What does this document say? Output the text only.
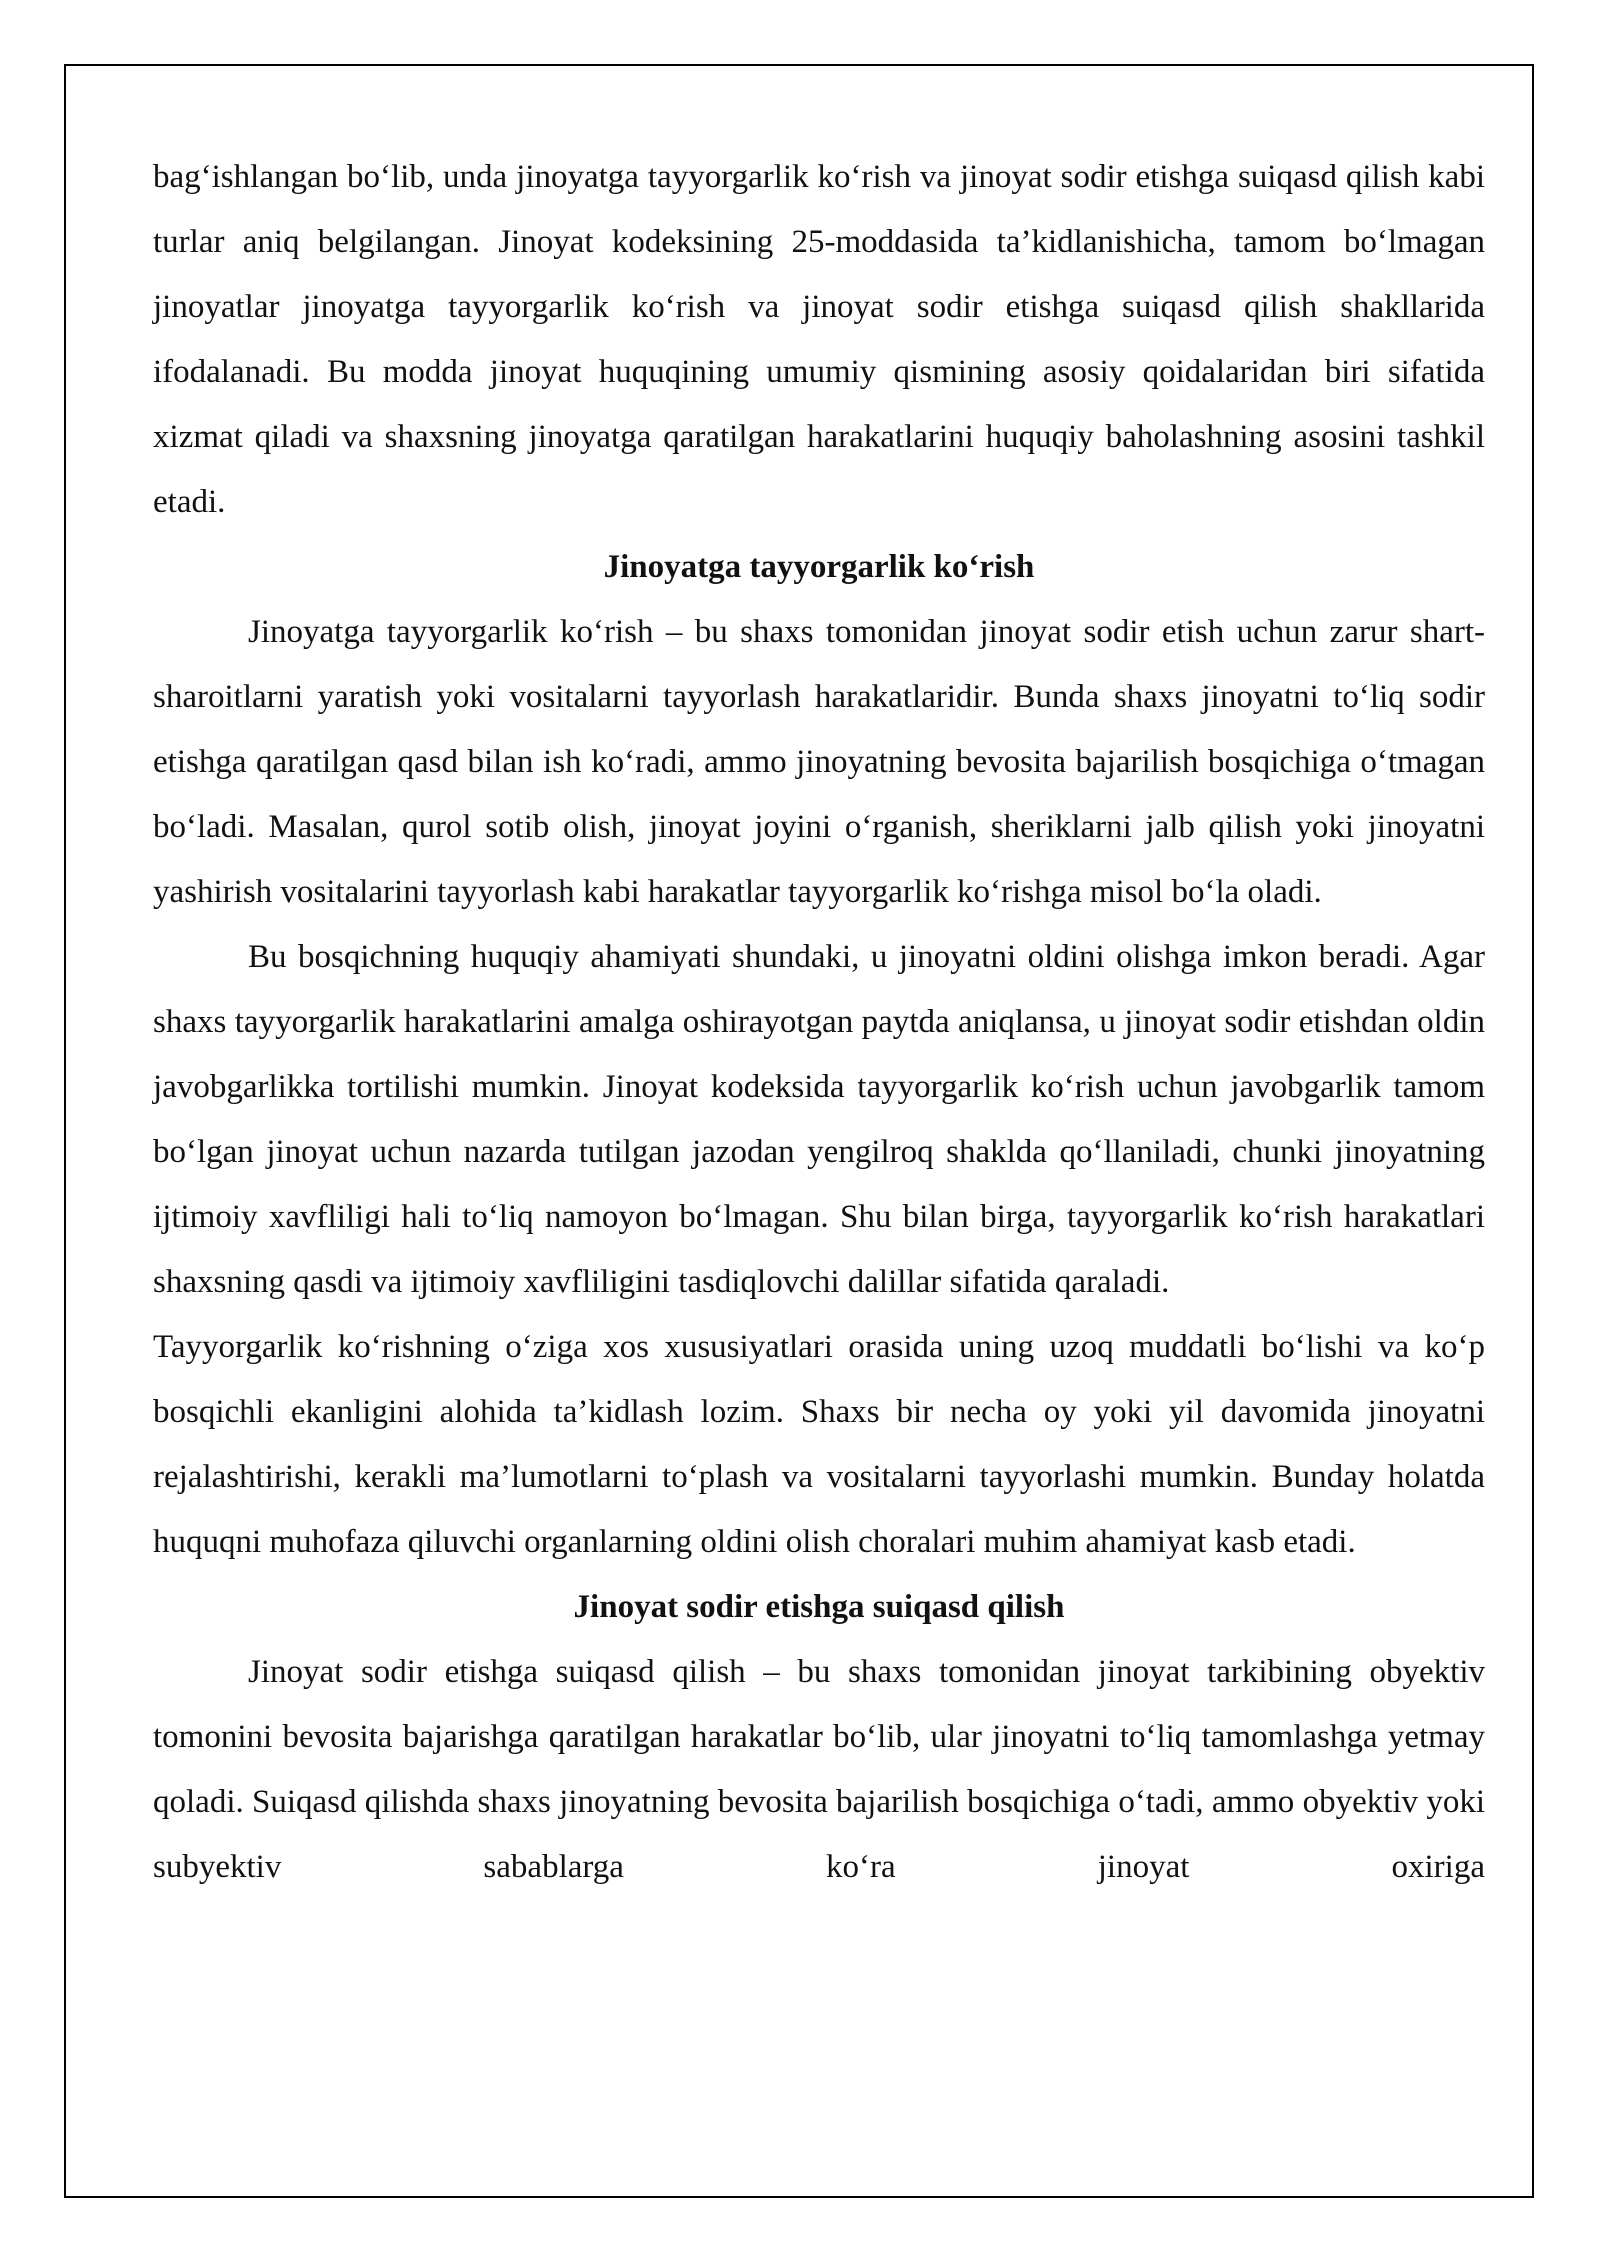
bag‘ishlangan bo‘lib, unda jinoyatga tayyorgarlik ko‘rish va jinoyat sodir etishga suiqasd qilish kabi turlar aniq belgilangan. Jinoyat kodeksining 25-moddasida ta’kidlanishicha, tamom bo‘lmagan jinoyatlar jinoyatga tayyorgarlik ko‘rish va jinoyat sodir etishga suiqasd qilish shakllarida ifodalanadi. Bu modda jinoyat huquqining umumiy qismining asosiy qoidalaridan biri sifatida xizmat qiladi va shaxsning jinoyatga qaratilgan harakatlarini huquqiy baholashning asosini tashkil etadi.

Jinoyatga tayyorgarlik ko‘rish

Jinoyatga tayyorgarlik ko‘rish – bu shaxs tomonidan jinoyat sodir etish uchun zarur shart-sharoitlarni yaratish yoki vositalarni tayyorlash harakatlaridir. Bunda shaxs jinoyatni to‘liq sodir etishga qaratilgan qasd bilan ish ko‘radi, ammo jinoyatning bevosita bajarilish bosqichiga o‘tmagan bo‘ladi. Masalan, qurol sotib olish, jinoyat joyini o‘rganish, sheriklarni jalb qilish yoki jinoyatni yashirish vositalarini tayyorlash kabi harakatlar tayyorgarlik ko‘rishga misol bo‘la oladi.

Bu bosqichning huquqiy ahamiyati shundaki, u jinoyatni oldini olishga imkon beradi. Agar shaxs tayyorgarlik harakatlarini amalga oshirayotgan paytda aniqlansa, u jinoyat sodir etishdan oldin javobgarlikka tortilishi mumkin. Jinoyat kodeksida tayyorgarlik ko‘rish uchun javobgarlik tamom bo‘lgan jinoyat uchun nazarda tutilgan jazodan yengilroq shaklda qo‘llaniladi, chunki jinoyatning ijtimoiy xavfliligi hali to‘liq namoyon bo‘lmagan. Shu bilan birga, tayyorgarlik ko‘rish harakatlari shaxsning qasdi va ijtimoiy xavfliligini tasdiqlovchi dalillar sifatida qaraladi.

Tayyorgarlik ko‘rishning o‘ziga xos xususiyatlari orasida uning uzoq muddatli bo‘lishi va ko‘p bosqichli ekanligini alohida ta’kidlash lozim. Shaxs bir necha oy yoki yil davomida jinoyatni rejalashtirishi, kerakli ma’lumotlarni to‘plash va vositalarni tayyorlashi mumkin. Bunday holatda huquqni muhofaza qiluvchi organlarning oldini olish choralari muhim ahamiyat kasb etadi.

Jinoyat sodir etishga suiqasd qilish

Jinoyat sodir etishga suiqasd qilish – bu shaxs tomonidan jinoyat tarkibining obyektiv tomonini bevosita bajarishga qaratilgan harakatlar bo‘lib, ular jinoyatni to‘liq tamomlashga yetmay qoladi. Suiqasd qilishda shaxs jinoyatning bevosita bajarilish bosqichiga o‘tadi, ammo obyektiv yoki subyektiv sabablarga ko‘ra jinoyat oxiriga
